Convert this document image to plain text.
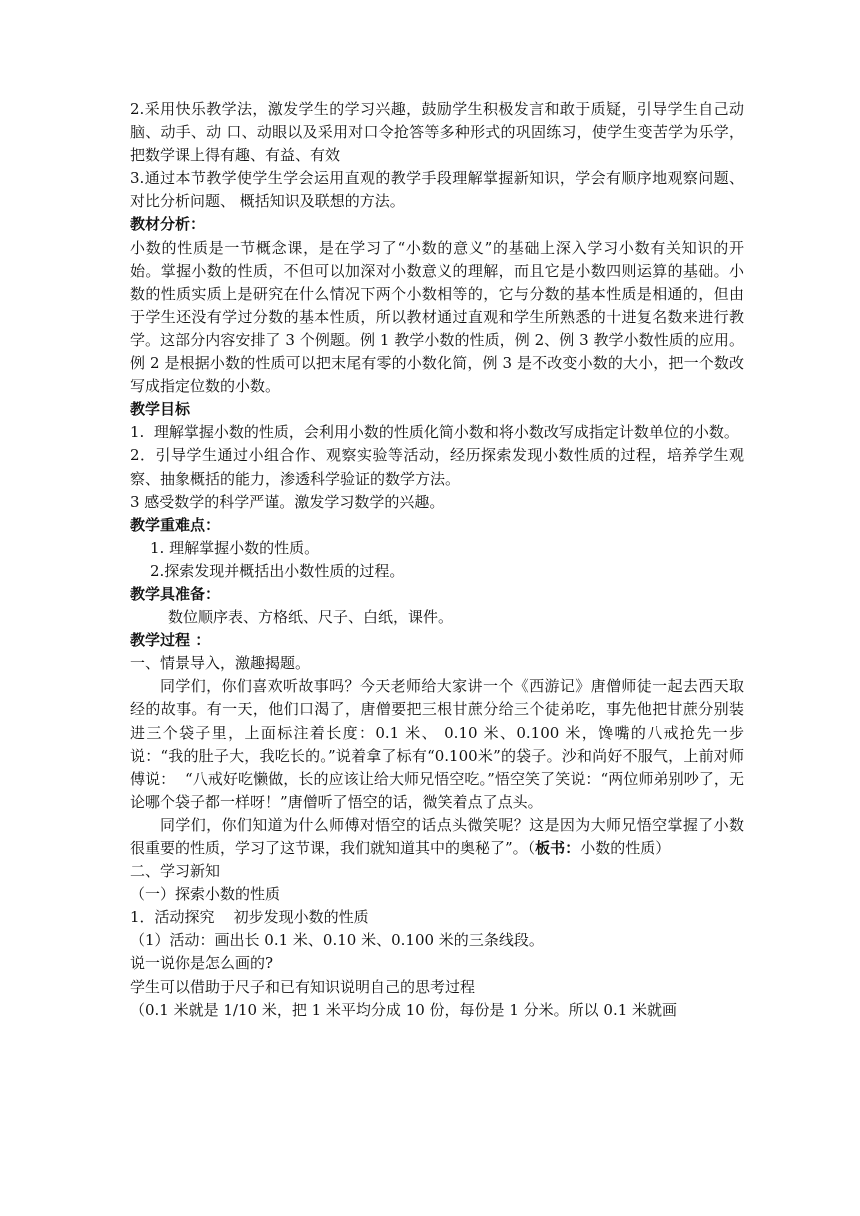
2.采用快乐教学法，激发学生的学习兴趣，鼓励学生积极发言和敢于质疑，引导学生自己动脑、动手、动 口、动眼以及采用对口令抢答等多种形式的巩固练习，使学生变苦学为乐学，把数学课上得有趣、有益、有效

3.通过本节教学使学生学会运用直观的教学手段理解掌握新知识，学会有顺序地观察问题、对比分析问题、 概括知识及联想的方法。

教材分析：

小数的性质是一节概念课，是在学习了“小数的意义”的基础上深入学习小数有关知识的开始。掌握小数的性质，不但可以加深对小数意义的理解，而且它是小数四则运算的基础。小数的性质实质上是研究在什么情况下两个小数相等的，它与分数的基本性质是相通的，但由于学生还没有学过分数的基本性质，所以教材通过直观和学生所熟悉的十进复名数来进行教学。这部分内容安排了 3 个例题。例 1 教学小数的性质，例 2、例 3 教学小数性质的应用。例 2 是根据小数的性质可以把末尾有零的小数化简，例 3 是不改变小数的大小，把一个数改写成指定位数的小数。

教学目标

1.  理解掌握小数的性质，会利用小数的性质化简小数和将小数改写成指定计数单位的小数。

2．引导学生通过小组合作、观察实验等活动，经历探索发现小数性质的过程，培养学生观察、抽象概括的能力，渗透科学验证的数学方法。

3 感受数学的科学严谨。激发学习数学的兴趣。

教学重难点：

1. 理解掌握小数的性质。

2.探索发现并概括出小数性质的过程。

教学具准备：

数位顺序表、方格纸、尺子、白纸，课件。

教学过程 ：

一、情景导入，激趣揭题。

同学们，你们喜欢听故事吗？今天老师给大家讲一个《西游记》唐僧师徒一起去西天取经的故事。有一天，他们口渴了，唐僧要把三根甘蔗分给三个徒弟吃，事先他把甘蔗分别装进三个袋子里，上面标注着长度：0.1 米、 0.10 米、0.100 米，馋嘴的八戒抢先一步说：“我的肚子大，我吃长的。”说着拿了标有“0.100米”的袋子。沙和尚好不服气，上前对师傅说：  “八戒好吃懒做，长的应该让给大师兄悟空吃。”悟空笑了笑说：“两位师弟别吵了，无论哪个袋子都一样呀！”唐僧听了悟空的话，微笑着点了点头。

同学们，你们知道为什么师傅对悟空的话点头微笑呢？这是因为大师兄悟空掌握了小数很重要的性质，学习了这节课，我们就知道其中的奥秘了”。（板书：小数的性质）

二、学习新知

（一）探索小数的性质

1．活动探究    初步发现小数的性质

（1）活动：画出长 0.1 米、0.10 米、0.100 米的三条线段。

说一说你是怎么画的?

学生可以借助于尺子和已有知识说明自己的思考过程

（0.1 米就是 1/10 米，把 1 米平均分成 10 份，每份是 1 分米。所以 0.1 米就画
